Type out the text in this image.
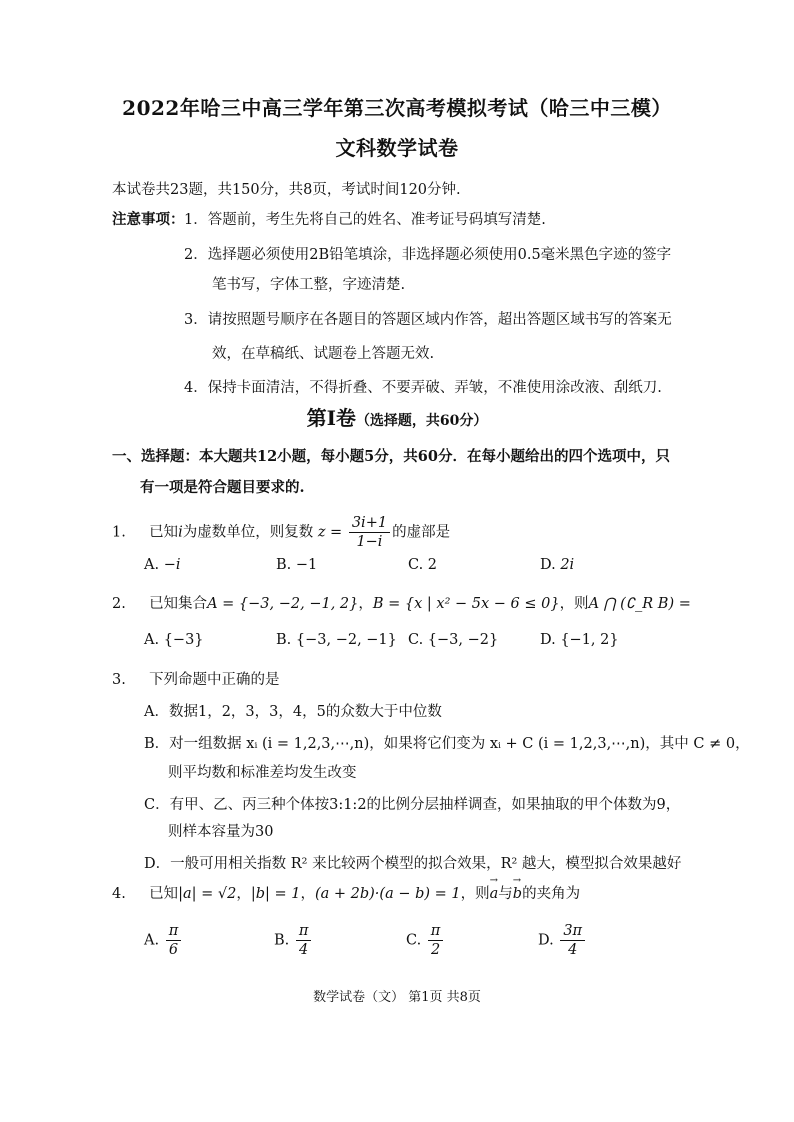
2022年哈三中高三学年第三次高考模拟考试（哈三中三模）
文科数学试卷
本试卷共23题，共150分，共8页，考试时间120分钟.
注意事项： 1．答题前，考生先将自己的姓名、准考证号码填写清楚.
2．选择题必须使用2B铅笔填涂，非选择题必须使用0.5毫米黑色字迹的签字
笔书写，字体工整，字迹清楚.
3．请按照题号顺序在各题目的答题区域内作答，超出答题区域书写的答案无
效，在草稿纸、试题卷上答题无效.
4．保持卡面清洁，不得折叠、不要弄破、弄皱，不准使用涂改液、刮纸刀.
第Ⅰ卷（选择题，共60分）
一、选择题：本大题共12小题，每小题5分，共60分．在每小题给出的四个选项中，只
有一项是符合题目要求的.
1. 已知i为虚数单位，则复数 $z = \frac{3i+1}{1-i}$ 的虚部是
A. −i	B. −1	C. 2	D. 2i
2. 已知集合A = {−3, −2, −1, 2}，B = {x | x² − 5x − 6 ≤ 0}，则A ⋂ (∁_R B) =
A. {−3}	B. {−3, −2, −1} C. {−3, −2}	D. {−1, 2}
3. 下列命题中正确的是
A．数据1，2，3，3，4，5的众数大于中位数
B．对一组数据 xᵢ (i = 1,2,3,⋯,n)，如果将它们变为 xᵢ + C (i = 1,2,3,⋯,n)，其中 C ≠ 0，
则平均数和标准差均发生改变
C．有甲、乙、丙三种个体按3:1:2的比例分层抽样调查，如果抽取的甲个体数为9，
则样本容量为30
D．一般可用相关指数 R² 来比较两个模型的拟合效果，R² 越大，模型拟合效果越好
4. 已知|a| = √2，|b| = 1，(a + 2b)·(a − b) = 1，则→ a与→ b的夹角为
A. $\frac{\pi}{6}$	B. $\frac{\pi}{4}$	C. $\frac{\pi}{2}$	D. $\frac{3\pi}{4}$
数学试卷（文） 第1页 共8页
